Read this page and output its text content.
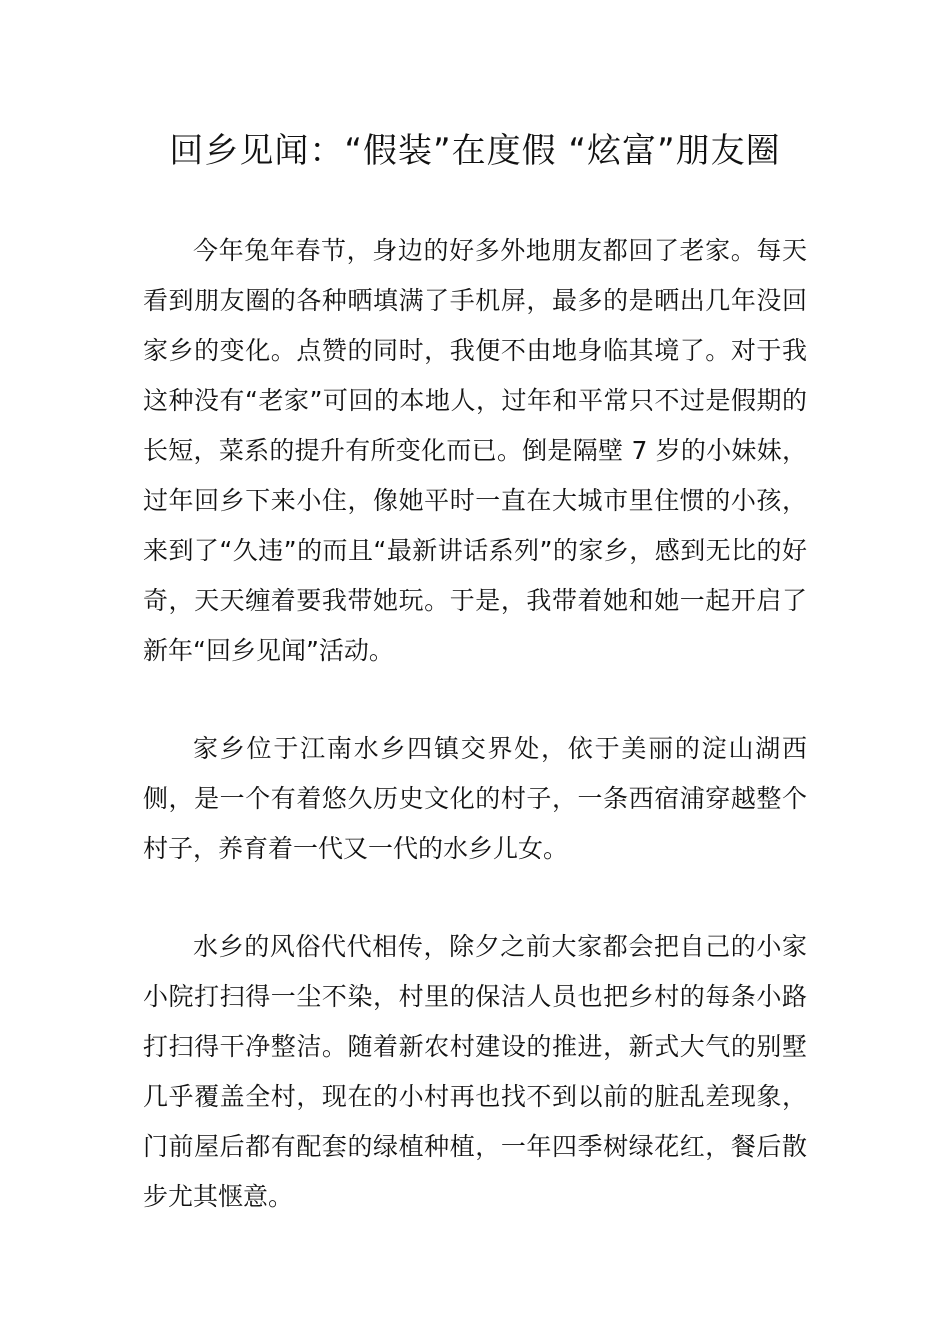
回乡见闻：“假装”在度假 “炫富”朋友圈

今年兔年春节，身边的好多外地朋友都回了老家。每天看到朋友圈的各种晒填满了手机屏，最多的是晒出几年没回家乡的变化。点赞的同时，我便不由地身临其境了。对于我这种没有“老家”可回的本地人，过年和平常只不过是假期的长短，菜系的提升有所变化而已。倒是隔壁 7 岁的小妹妹，过年回乡下来小住，像她平时一直在大城市里住惯的小孩，来到了“久违”的而且“最新讲话系列”的家乡，感到无比的好奇，天天缠着要我带她玩。于是，我带着她和她一起开启了新年“回乡见闻”活动。

家乡位于江南水乡四镇交界处，依于美丽的淀山湖西侧，是一个有着悠久历史文化的村子，一条西宿浦穿越整个村子，养育着一代又一代的水乡儿女。

水乡的风俗代代相传，除夕之前大家都会把自己的小家小院打扫得一尘不染，村里的保洁人员也把乡村的每条小路打扫得干净整洁。随着新农村建设的推进，新式大气的别墅几乎覆盖全村，现在的小村再也找不到以前的脏乱差现象，门前屋后都有配套的绿植种植，一年四季树绿花红，餐后散步尤其惬意。
